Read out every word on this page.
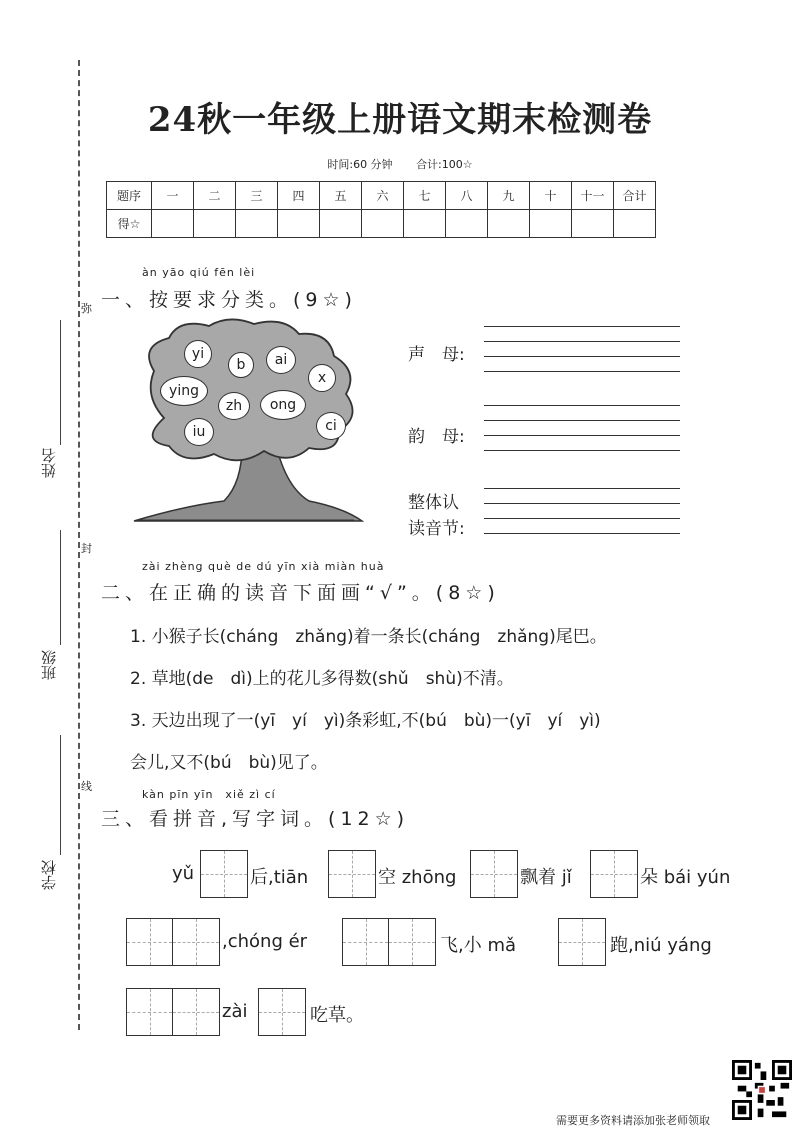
弥
封
线
姓名
班级
学校
24秋一年级上册语文期末检测卷
时间:60 分钟 合计:100☆
题序	一	二	三	四	五	六	七	八	九	十	十一	合计
得☆												
àn yāo qiú fēn lèi
一、按要求分类。(9☆)
yi
b	ai
x
ying
zh	ong
iu	ci
声　母:
韵　母:
整体认
读音节:
zài zhèng què de dú yīn xià miàn huà
二、在正确的读音下面画“√”。(8☆)
1. 小猴子长(cháng　zhǎng)着一条长(cháng　zhǎng)尾巴。
2. 草地(de　dì)上的花儿多得数(shǔ　shù)不清。
3. 天边出现了一(yī　yí　yì)条彩虹,不(bú　bù)一(yī　yí　yì)
会儿,又不(bú　bù)见了。
kàn pīn yīn　xiě zì cí
三、看拼音,写字词。(12☆)
yǔ	后,tiān	空 zhōng	飘着 jǐ	朵 bái yún
,chóng ér	飞,小 mǎ	跑,niú yáng
zài	吃草。
需要更多资料请添加张老师领取
